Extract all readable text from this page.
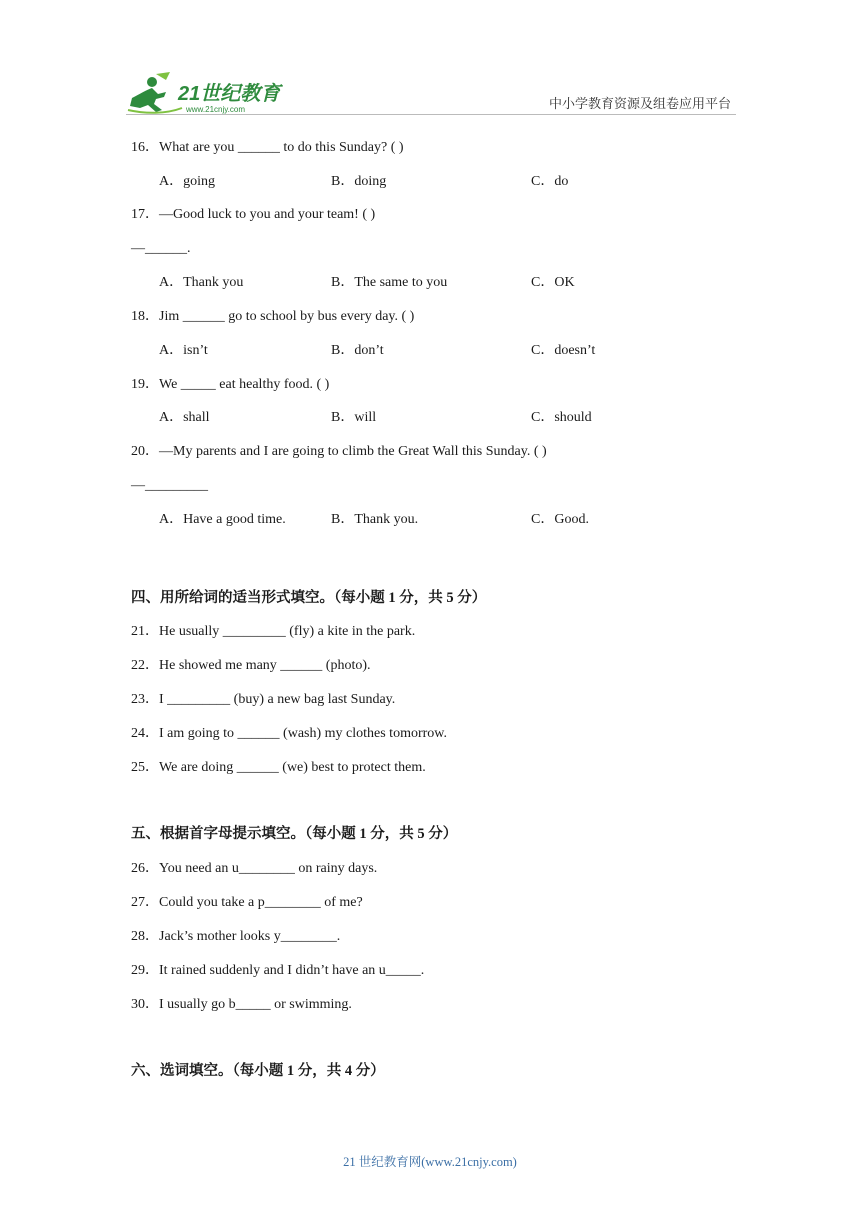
21世纪教育
www.21cnjy.com	中小学教育资源及组卷应用平台
16．What are you ______ to do this Sunday? ( )
A．going	B．doing	C．do
17．—Good luck to you and your team! ( )
—______.
A．Thank you	B．The same to you	C．OK
18．Jim ______ go to school by bus every day. ( )
A．isn’t	B．don’t	C．doesn’t
19．We _____ eat healthy food. ( )
A．shall	B．will	C．should
20．—My parents and I are going to climb the Great Wall this Sunday. ( )
—_________
A．Have a good time.	B．Thank you.	C．Good.
四、用所给词的适当形式填空。（每小题 1 分，共 5 分）
21．He usually _________ (fly) a kite in the park.
22．He showed me many ______ (photo).
23．I _________ (buy) a new bag last Sunday.
24．I am going to ______ (wash) my clothes tomorrow.
25．We are doing ______ (we) best to protect them.
五、根据首字母提示填空。（每小题 1 分，共 5 分）
26．You need an u________ on rainy days.
27．Could you take a p________ of me?
28．Jack’s mother looks y________.
29．It rained suddenly and I didn’t have an u_____.
30．I usually go b_____ or swimming.
六、选词填空。（每小题 1 分，共 4 分）
21 世纪教育网(www.21cnjy.com)
